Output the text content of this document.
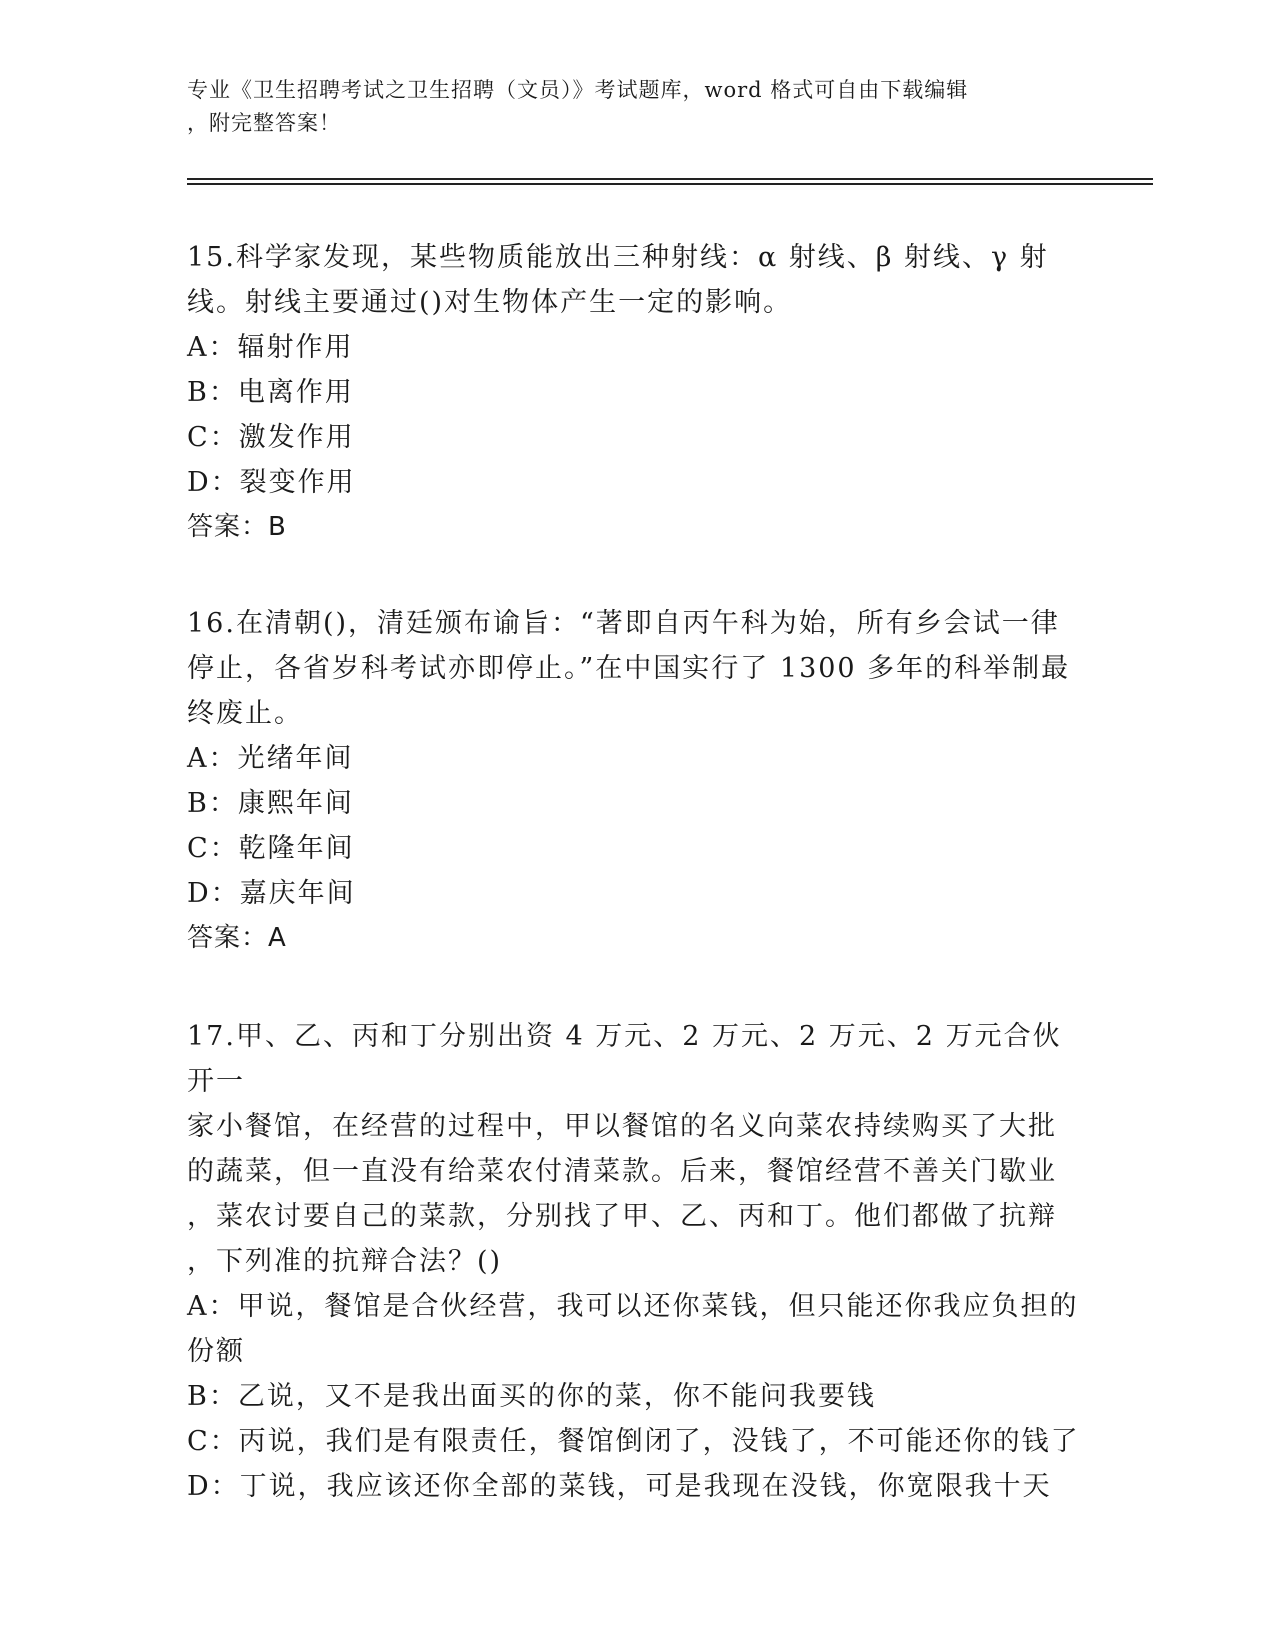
专业《卫生招聘考试之卫生招聘（文员）》考试题库，word 格式可自由下载编辑
，附完整答案！

15.科学家发现，某些物质能放出三种射线：α 射线、β 射线、γ 射

线。射线主要通过()对生物体产生一定的影响。

A：辐射作用

B：电离作用

C：激发作用

D：裂变作用

答案：B

16.在清朝()，清廷颁布谕旨：“著即自丙午科为始，所有乡会试一律

停止，各省岁科考试亦即停止。”在中国实行了 1300 多年的科举制最

终废止。

A：光绪年间

B：康熙年间

C：乾隆年间

D：嘉庆年间

答案：A

17.甲、乙、丙和丁分别出资 4 万元、2 万元、2 万元、2 万元合伙开一

家小餐馆，在经营的过程中，甲以餐馆的名义向菜农持续购买了大批

的蔬菜，但一直没有给菜农付清菜款。后来，餐馆经营不善关门歇业

，菜农讨要自己的菜款，分别找了甲、乙、丙和丁。他们都做了抗辩

，下列准的抗辩合法？()

A：甲说，餐馆是合伙经营，我可以还你菜钱，但只能还你我应负担的

份额

B：乙说，又不是我出面买的你的菜，你不能问我要钱

C：丙说，我们是有限责任，餐馆倒闭了，没钱了，不可能还你的钱了

D：丁说，我应该还你全部的菜钱，可是我现在没钱，你宽限我十天
